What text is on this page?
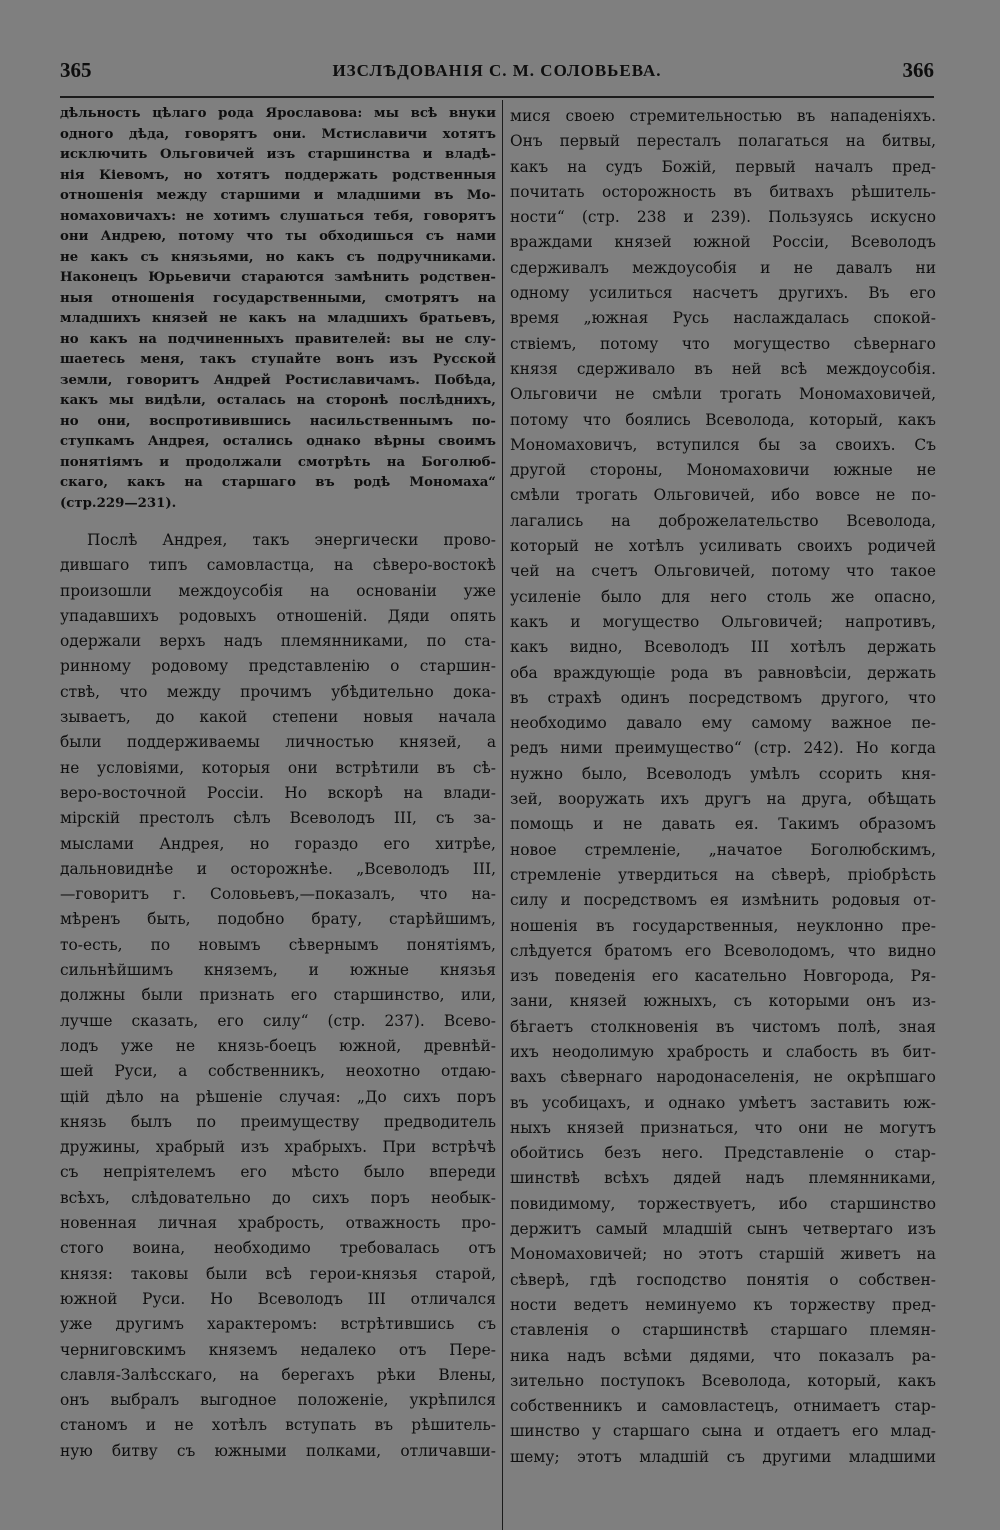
365	ИЗСЛѢДОВАНІЯ С. М. СОЛОВЬЕВА.	366
дѣльность цѣлаго рода Ярославова: мы всѣ внуки
одного дѣда, говорятъ они. Мстиславичи хотятъ
исключить Ольговичей изъ старшинства и владѣ-
нія Кіевомъ, но хотятъ поддержать родственныя
отношенія между старшими и младшими въ Мо-
номаховичахъ: не хотимъ слушаться тебя, говорятъ
они Андрею, потому что ты обходишься съ нами
не какъ съ князьями, но какъ съ подручниками.
Наконецъ Юрьевичи стараются замѣнить родствен-
ныя отношенія государственными, смотрятъ на
младшихъ князей не какъ на младшихъ братьевъ,
но какъ на подчиненныхъ правителей: вы не слу-
шаетесь меня, такъ ступайте вонъ изъ Русской
земли, говоритъ Андрей Ростиславичамъ. Побѣда,
какъ мы видѣли, осталась на сторонѣ послѣднихъ,
но они, воспротивившись насильственнымъ по-
ступкамъ Андрея, остались однако вѣрны своимъ
понятіямъ и продолжали смотрѣть на Боголюб-
скаго, какъ на старшаго въ родѣ Мономаха“
(стр. 229—231).
Послѣ Андрея, такъ энергически прово-
дившаго типъ самовластца, на сѣверо-востокѣ
произошли междоусобія на основаніи уже
упадавшихъ родовыхъ отношеній. Дяди опять
одержали верхъ надъ племянниками, по ста-
ринному родовому представленію о старшин-
ствѣ, что между прочимъ убѣдительно дока-
зываетъ, до какой степени новыя начала
были поддерживаемы личностью князей, а
не условіями, которыя они встрѣтили въ сѣ-
веро-восточной Россіи. Но вскорѣ на влади-
мірскій престолъ сѣлъ Всеволодъ III, съ за-
мыслами Андрея, но гораздо его хитрѣе,
дальновиднѣе и осторожнѣе. „Всеволодъ III,
—говоритъ г. Соловьевъ,—показалъ, что на-
мѣренъ быть, подобно брату, старѣйшимъ,
то-есть, по новымъ сѣвернымъ понятіямъ,
сильнѣйшимъ княземъ, и южные князья
должны были признать его старшинство, или,
лучше сказать, его силу“ (стр. 237). Всево-
лодъ уже не князь-боецъ южной, древнѣй-
шей Руси, а собственникъ, неохотно отдаю-
щій дѣло на рѣшеніе случая: „До сихъ поръ
князь былъ по преимуществу предводитель
дружины, храбрый изъ храбрыхъ. При встрѣчѣ
съ непріятелемъ его мѣсто было впереди
всѣхъ, слѣдовательно до сихъ поръ необык-
новенная личная храбрость, отважность про-
стого воина, необходимо требовалась отъ
князя: таковы были всѣ герои-князья старой,
южной Руси. Но Всеволодъ III отличался
уже другимъ характеромъ: встрѣтившись съ
черниговскимъ княземъ недалеко отъ Пере-
славля-Залѣсскаго, на берегахъ рѣки Влены,
онъ выбралъ выгодное положеніе, укрѣпился
станомъ и не хотѣлъ вступать въ рѣшитель-
ную битву съ южными полками, отличавши-
мися своею стремительностью въ нападеніяхъ.
Онъ первый пересталъ полагаться на битвы,
какъ на судъ Божій, первый началъ пред-
почитать осторожность въ битвахъ рѣшитель-
ности“ (стр. 238 и 239). Пользуясь искусно
враждами князей южной Россіи, Всеволодъ
сдерживалъ междоусобія и не давалъ ни
одному усилиться насчетъ другихъ. Въ его
время „южная Русь наслаждалась спокой-
ствіемъ, потому что могущество сѣвернаго
князя сдерживало въ ней всѣ междоусобія.
Ольговичи не смѣли трогать Мономаховичей,
потому что боялись Всеволода, который, какъ
Мономаховичъ, вступился бы за своихъ. Съ
другой стороны, Мономаховичи южные не
смѣли трогать Ольговичей, ибо вовсе не по-
лагались на доброжелательство Всеволода,
который не хотѣлъ усиливать своихъ родичей
чей на счетъ Ольговичей, потому что такое
усиленіе было для него столь же опасно,
какъ и могущество Ольговичей; напротивъ,
какъ видно, Всеволодъ III хотѣлъ держать
оба враждующіе рода въ равновѣсіи, держать
въ страхѣ одинъ посредствомъ другого, что
необходимо давало ему самому важное пе-
редъ ними преимущество“ (стр. 242). Но когда
нужно было, Всеволодъ умѣлъ ссорить кня-
зей, вооружать ихъ другъ на друга, обѣщать
помощь и не давать ея. Такимъ образомъ
новое стремленіе, „начатое Боголюбскимъ,
стремленіе утвердиться на сѣверѣ, пріобрѣсть
силу и посредствомъ ея измѣнить родовыя от-
ношенія въ государственныя, неуклонно пре-
слѣдуется братомъ его Всеволодомъ, что видно
изъ поведенія его касательно Новгорода, Ря-
зани, князей южныхъ, съ которыми онъ из-
бѣгаетъ столкновенія въ чистомъ полѣ, зная
ихъ неодолимую храбрость и слабость въ бит-
вахъ сѣвернаго народонаселенія, не окрѣпшаго
въ усобицахъ, и однако умѣетъ заставить юж-
ныхъ князей признаться, что они не могутъ
обойтись безъ него. Представленіе о стар-
шинствѣ всѣхъ дядей надъ племянниками,
повидимому, торжествуетъ, ибо старшинство
держитъ самый младшій сынъ четвертаго изъ
Мономаховичей; но этотъ старшій живетъ на
сѣверѣ, гдѣ господство понятія о собствен-
ности ведетъ неминуемо къ торжеству пред-
ставленія о старшинствѣ старшаго племян-
ника надъ всѣми дядями, что показалъ ра-
зительно поступокъ Всеволода, который, какъ
собственникъ и самовластецъ, отнимаетъ стар-
шинство у старшаго сына и отдаетъ его млад-
шему; этотъ младшій съ другими младшими
